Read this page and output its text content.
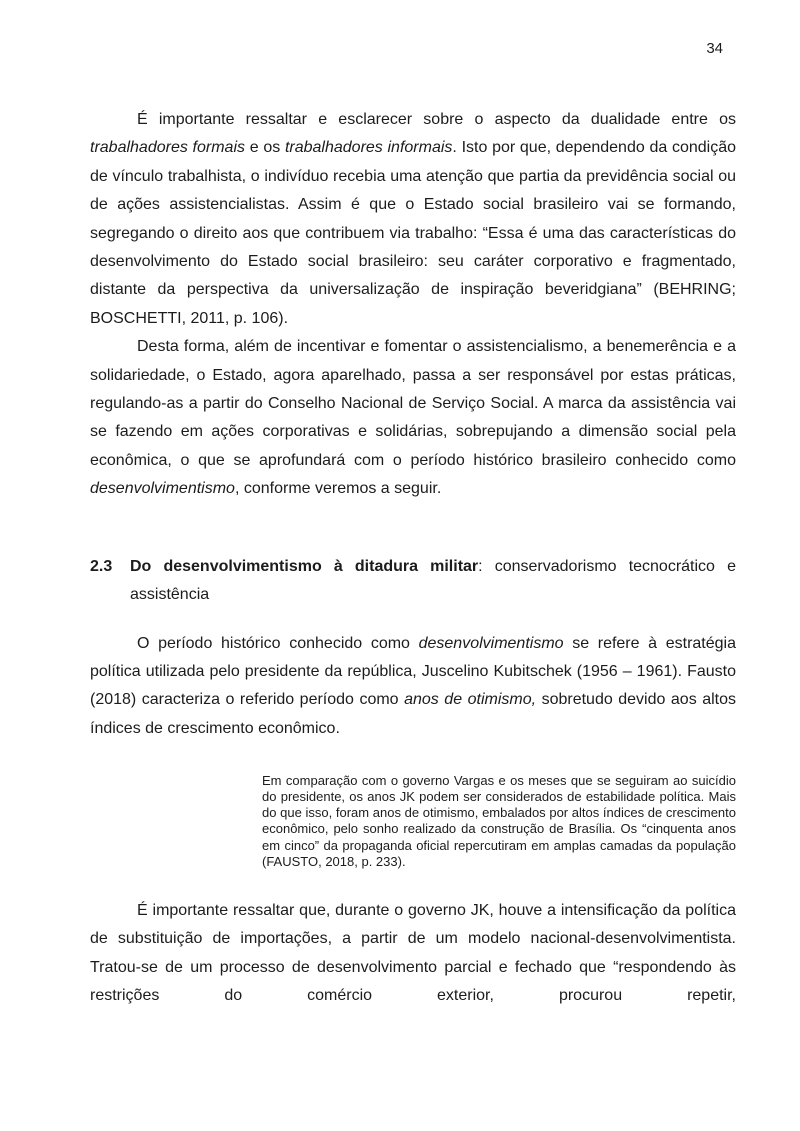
34

É importante ressaltar e esclarecer sobre o aspecto da dualidade entre os trabalhadores formais e os trabalhadores informais. Isto por que, dependendo da condição de vínculo trabalhista, o indivíduo recebia uma atenção que partia da previdência social ou de ações assistencialistas. Assim é que o Estado social brasileiro vai se formando, segregando o direito aos que contribuem via trabalho: “Essa é uma das características do desenvolvimento do Estado social brasileiro: seu caráter corporativo e fragmentado, distante da perspectiva da universalização de inspiração beveridgiana” (BEHRING; BOSCHETTI, 2011, p. 106).

Desta forma, além de incentivar e fomentar o assistencialismo, a benemerência e a solidariedade, o Estado, agora aparelhado, passa a ser responsável por estas práticas, regulando-as a partir do Conselho Nacional de Serviço Social. A marca da assistência vai se fazendo em ações corporativas e solidárias, sobrepujando a dimensão social pela econômica, o que se aprofundará com o período histórico brasileiro conhecido como desenvolvimentismo, conforme veremos a seguir.

2.3 Do desenvolvimentismo à ditadura militar: conservadorismo tecnocrático e assistência

O período histórico conhecido como desenvolvimentismo se refere à estratégia política utilizada pelo presidente da república, Juscelino Kubitschek (1956 – 1961). Fausto (2018) caracteriza o referido período como anos de otimismo, sobretudo devido aos altos índices de crescimento econômico.

Em comparação com o governo Vargas e os meses que se seguiram ao suicídio do presidente, os anos JK podem ser considerados de estabilidade política. Mais do que isso, foram anos de otimismo, embalados por altos índices de crescimento econômico, pelo sonho realizado da construção de Brasília. Os “cinquenta anos em cinco” da propaganda oficial repercutiram em amplas camadas da população (FAUSTO, 2018, p. 233).

É importante ressaltar que, durante o governo JK, houve a intensificação da política de substituição de importações, a partir de um modelo nacional-desenvolvimentista. Tratou-se de um processo de desenvolvimento parcial e fechado que “respondendo às restrições do comércio exterior, procurou repetir,
